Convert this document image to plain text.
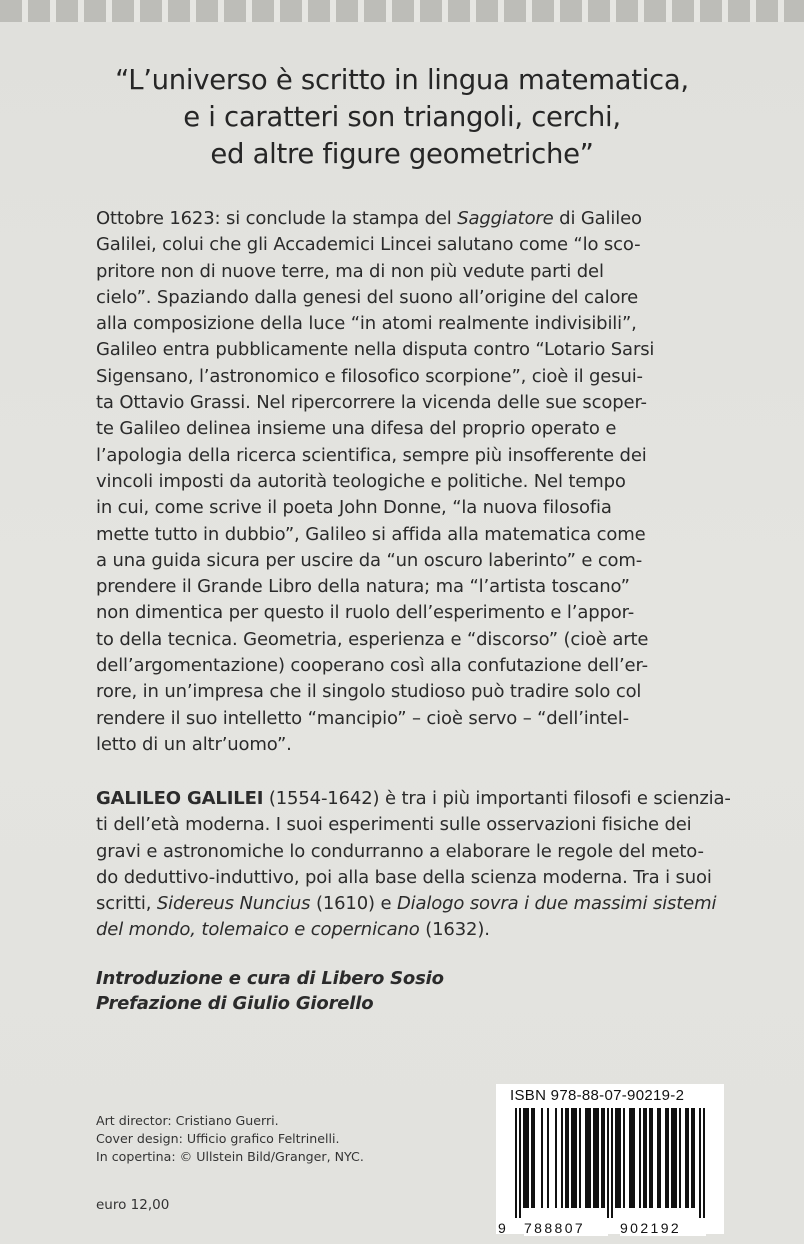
“L’universo è scritto in lingua matematica,
e i caratteri son triangoli, cerchi,
ed altre figure geometriche”
Ottobre 1623: si conclude la stampa del Saggiatore di Galileo
Galilei, colui che gli Accademici Lincei salutano come “lo sco-
pritore non di nuove terre, ma di non più vedute parti del
cielo”. Spaziando dalla genesi del suono all’origine del calore
alla composizione della luce “in atomi realmente indivisibili”,
Galileo entra pubblicamente nella disputa contro “Lotario Sarsi
Sigensano, l’astronomico e filosofico scorpione”, cioè il gesui-
ta Ottavio Grassi. Nel ripercorrere la vicenda delle sue scoper-
te Galileo delinea insieme una difesa del proprio operato e
l’apologia della ricerca scientifica, sempre più insofferente dei
vincoli imposti da autorità teologiche e politiche. Nel tempo
in cui, come scrive il poeta John Donne, “la nuova filosofia
mette tutto in dubbio”, Galileo si affida alla matematica come
a una guida sicura per uscire da “un oscuro laberinto” e com-
prendere il Grande Libro della natura; ma “l’artista toscano”
non dimentica per questo il ruolo dell’esperimento e l’appor-
to della tecnica. Geometria, esperienza e “discorso” (cioè arte
dell’argomentazione) cooperano così alla confutazione dell’er-
rore, in un’impresa che il singolo studioso può tradire solo col
rendere il suo intelletto “mancipio” – cioè servo – “dell’intel-
letto di un altr’uomo”.
GALILEO GALILEI (1554-1642) è tra i più importanti filosofi e scienzia-
ti dell’età moderna. I suoi esperimenti sulle osservazioni fisiche dei
gravi e astronomiche lo condurranno a elaborare le regole del meto-
do deduttivo-induttivo, poi alla base della scienza moderna. Tra i suoi
scritti, Sidereus Nuncius (1610) e Dialogo sovra i due massimi sistemi
del mondo, tolemaico e copernicano (1632).
Introduzione e cura di Libero Sosio
Prefazione di Giulio Giorello
Art director: Cristiano Guerri.
Cover design: Ufficio grafico Feltrinelli.
In copertina: © Ullstein Bild/Granger, NYC.
euro 12,00
ISBN 978-88-07-90219-2
9 788807	902192
